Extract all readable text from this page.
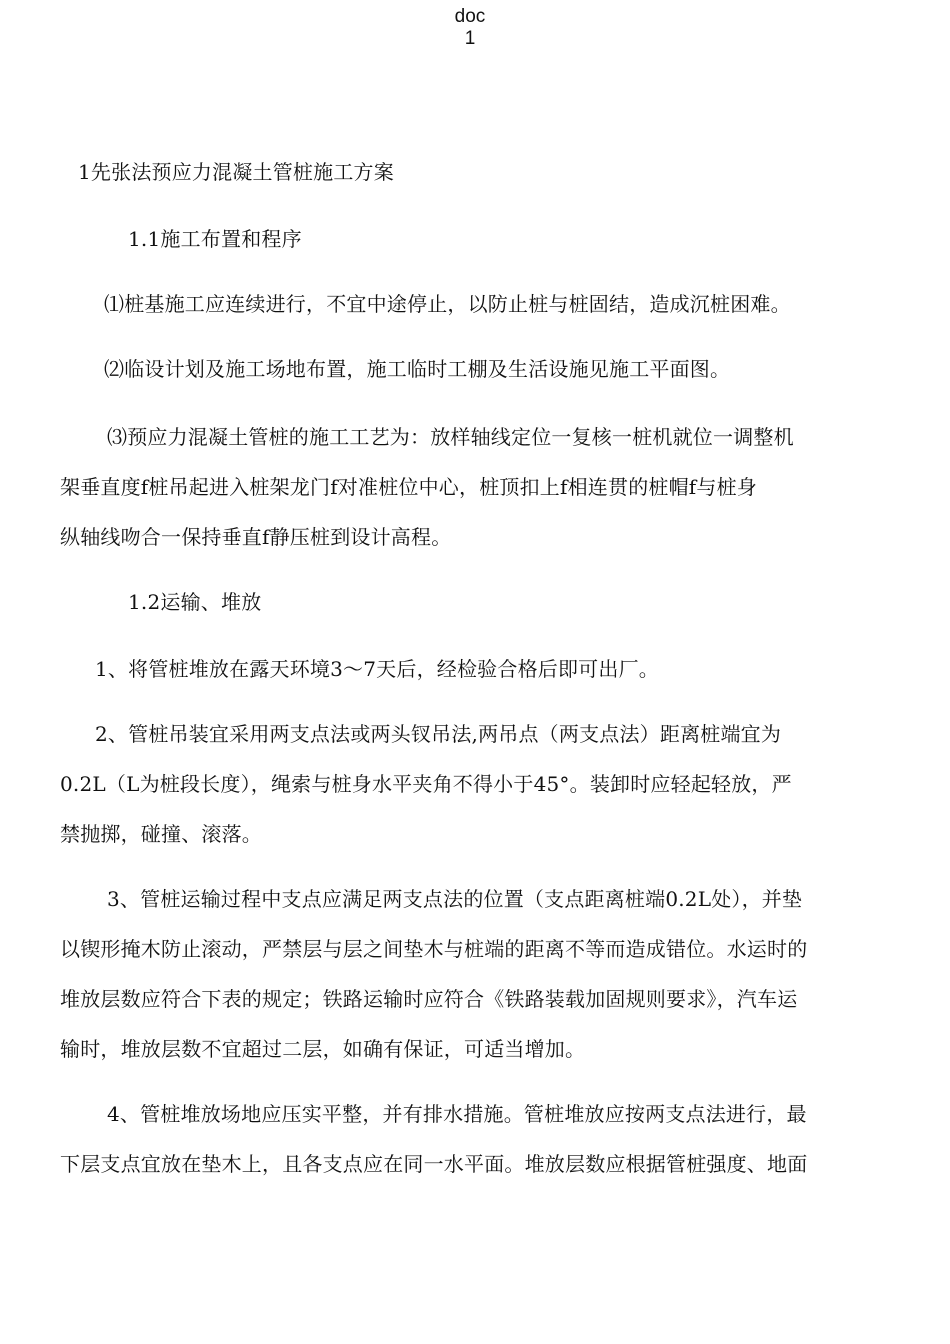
doc
1
1先张法预应力混凝土管桩施工方案
1.1施工布置和程序
⑴桩基施工应连续进行，不宜中途停止，以防止桩与桩固结，造成沉桩困难。
⑵临设计划及施工场地布置，施工临时工棚及生活设施见施工平面图。
⑶预应力混凝土管桩的施工工艺为：放样轴线定位一复核一桩机就位一调整机
架垂直度f桩吊起进入桩架龙门f对准桩位中心，桩顶扣上f相连贯的桩帽f与桩身
纵轴线吻合一保持垂直f静压桩到设计高程。
1.2运输、堆放
1、将管桩堆放在露天环境3～7天后，经检验合格后即可出厂。
2、管桩吊装宜采用两支点法或两头钗吊法,两吊点（两支点法）距离桩端宜为
0.2L（L为桩段长度），绳索与桩身水平夹角不得小于45°。装卸时应轻起轻放，严
禁抛掷，碰撞、滚落。
3、管桩运输过程中支点应满足两支点法的位置（支点距离桩端0.2L处），并垫
以锲形掩木防止滚动，严禁层与层之间垫木与桩端的距离不等而造成错位。水运时的
堆放层数应符合下表的规定；铁路运输时应符合《铁路装载加固规则要求》，汽车运
输时，堆放层数不宜超过二层，如确有保证，可适当增加。
4、管桩堆放场地应压实平整，并有排水措施。管桩堆放应按两支点法进行，最
下层支点宜放在垫木上，且各支点应在同一水平面。堆放层数应根据管桩强度、地面
